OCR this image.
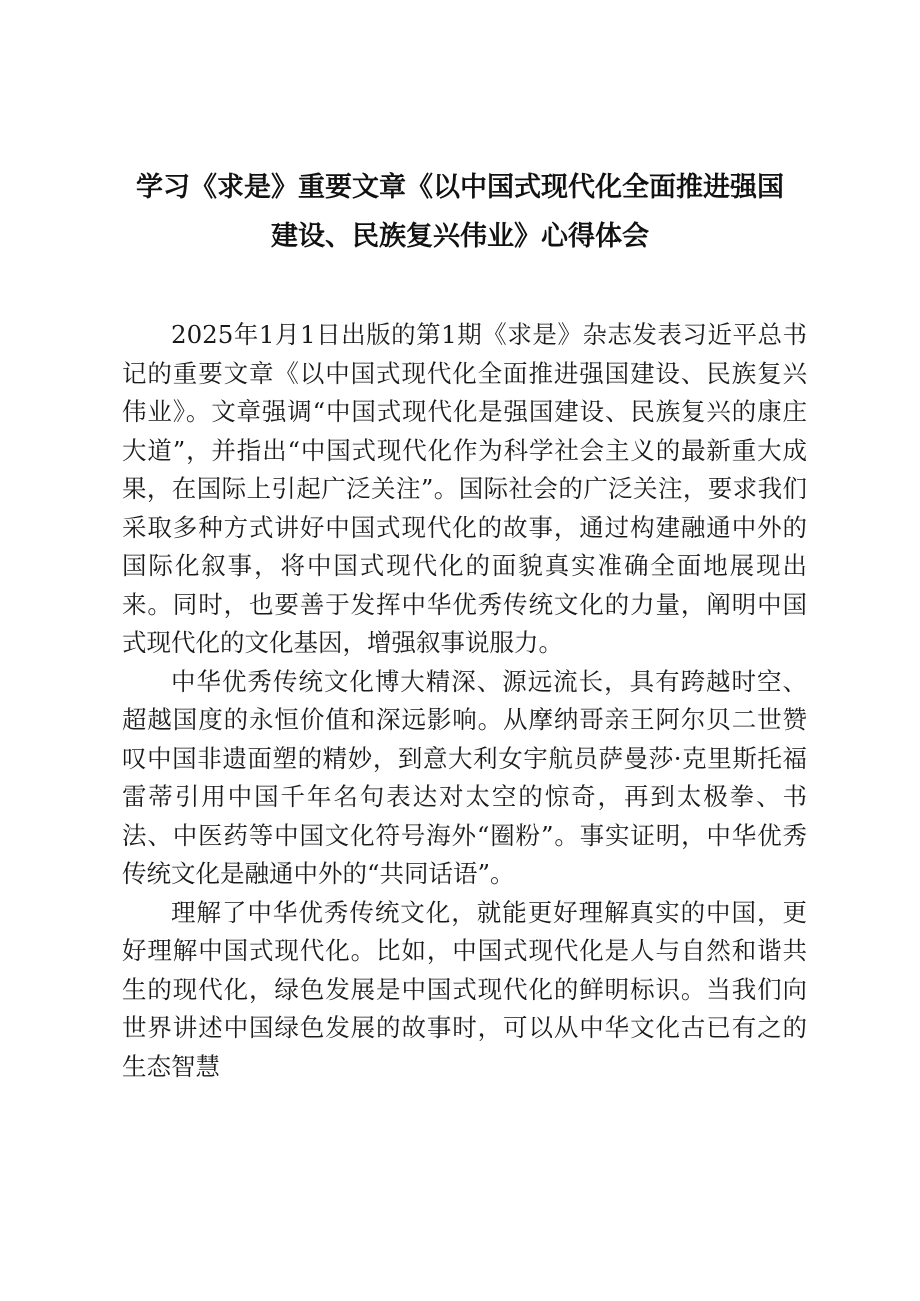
学习《求是》重要文章《以中国式现代化全面推进强国
建设、民族复兴伟业》心得体会

2025年1月1日出版的第1期《求是》杂志发表习近平总书记的重要文章《以中国式现代化全面推进强国建设、民族复兴伟业》。文章强调“中国式现代化是强国建设、民族复兴的康庄大道”，并指出“中国式现代化作为科学社会主义的最新重大成果，在国际上引起广泛关注”。国际社会的广泛关注，要求我们采取多种方式讲好中国式现代化的故事，通过构建融通中外的国际化叙事，将中国式现代化的面貌真实准确全面地展现出来。同时，也要善于发挥中华优秀传统文化的力量，阐明中国式现代化的文化基因，增强叙事说服力。

中华优秀传统文化博大精深、源远流长，具有跨越时空、超越国度的永恒价值和深远影响。从摩纳哥亲王阿尔贝二世赞叹中国非遗面塑的精妙，到意大利女宇航员萨曼莎·克里斯托福雷蒂引用中国千年名句表达对太空的惊奇，再到太极拳、书法、中医药等中国文化符号海外“圈粉”。事实证明，中华优秀传统文化是融通中外的“共同话语”。

理解了中华优秀传统文化，就能更好理解真实的中国，更好理解中国式现代化。比如，中国式现代化是人与自然和谐共生的现代化，绿色发展是中国式现代化的鲜明标识。当我们向世界讲述中国绿色发展的故事时，可以从中华文化古已有之的生态智慧
